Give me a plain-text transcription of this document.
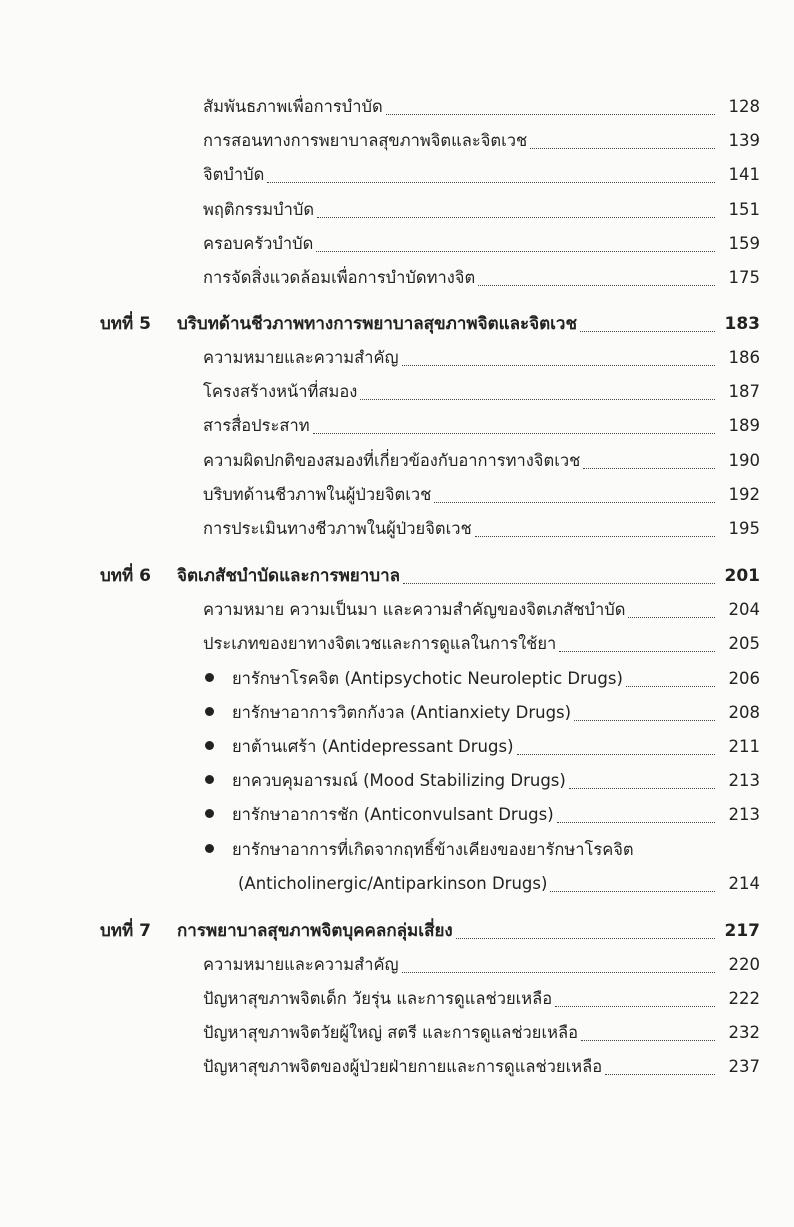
สัมพันธภาพเพื่อการบำบัด	128
การสอนทางการพยาบาลสุขภาพจิตและจิตเวช	139
จิตบำบัด	141
พฤติกรรมบำบัด	151
ครอบครัวบำบัด	159
การจัดสิ่งแวดล้อมเพื่อการบำบัดทางจิต	175
บทที่ 5 บริบทด้านชีวภาพทางการพยาบาลสุขภาพจิตและจิตเวช	183
ความหมายและความสำคัญ	186
โครงสร้างหน้าที่สมอง	187
สารสื่อประสาท	189
ความผิดปกติของสมองที่เกี่ยวข้องกับอาการทางจิตเวช	190
บริบทด้านชีวภาพในผู้ป่วยจิตเวช	192
การประเมินทางชีวภาพในผู้ป่วยจิตเวช	195
บทที่ 6 จิตเภสัชบำบัดและการพยาบาล	201
ความหมาย ความเป็นมา และความสำคัญของจิตเภสัชบำบัด	204
ประเภทของยาทางจิตเวชและการดูแลในการใช้ยา	205
ยารักษาโรคจิต (Antipsychotic Neuroleptic Drugs)	206
ยารักษาอาการวิตกกังวล (Antianxiety Drugs)	208
ยาต้านเศร้า (Antidepressant Drugs)	211
ยาควบคุมอารมณ์ (Mood Stabilizing Drugs)	213
ยารักษาอาการชัก (Anticonvulsant Drugs)	213
ยารักษาอาการที่เกิดจากฤทธิ์ข้างเคียงของยารักษาโรคจิต
(Anticholinergic/Antiparkinson Drugs)	214
บทที่ 7 การพยาบาลสุขภาพจิตบุคคลกลุ่มเสี่ยง	217
ความหมายและความสำคัญ	220
ปัญหาสุขภาพจิตเด็ก วัยรุ่น และการดูแลช่วยเหลือ	222
ปัญหาสุขภาพจิตวัยผู้ใหญ่ สตรี และการดูแลช่วยเหลือ	232
ปัญหาสุขภาพจิตของผู้ป่วยฝ่ายกายและการดูแลช่วยเหลือ	237
